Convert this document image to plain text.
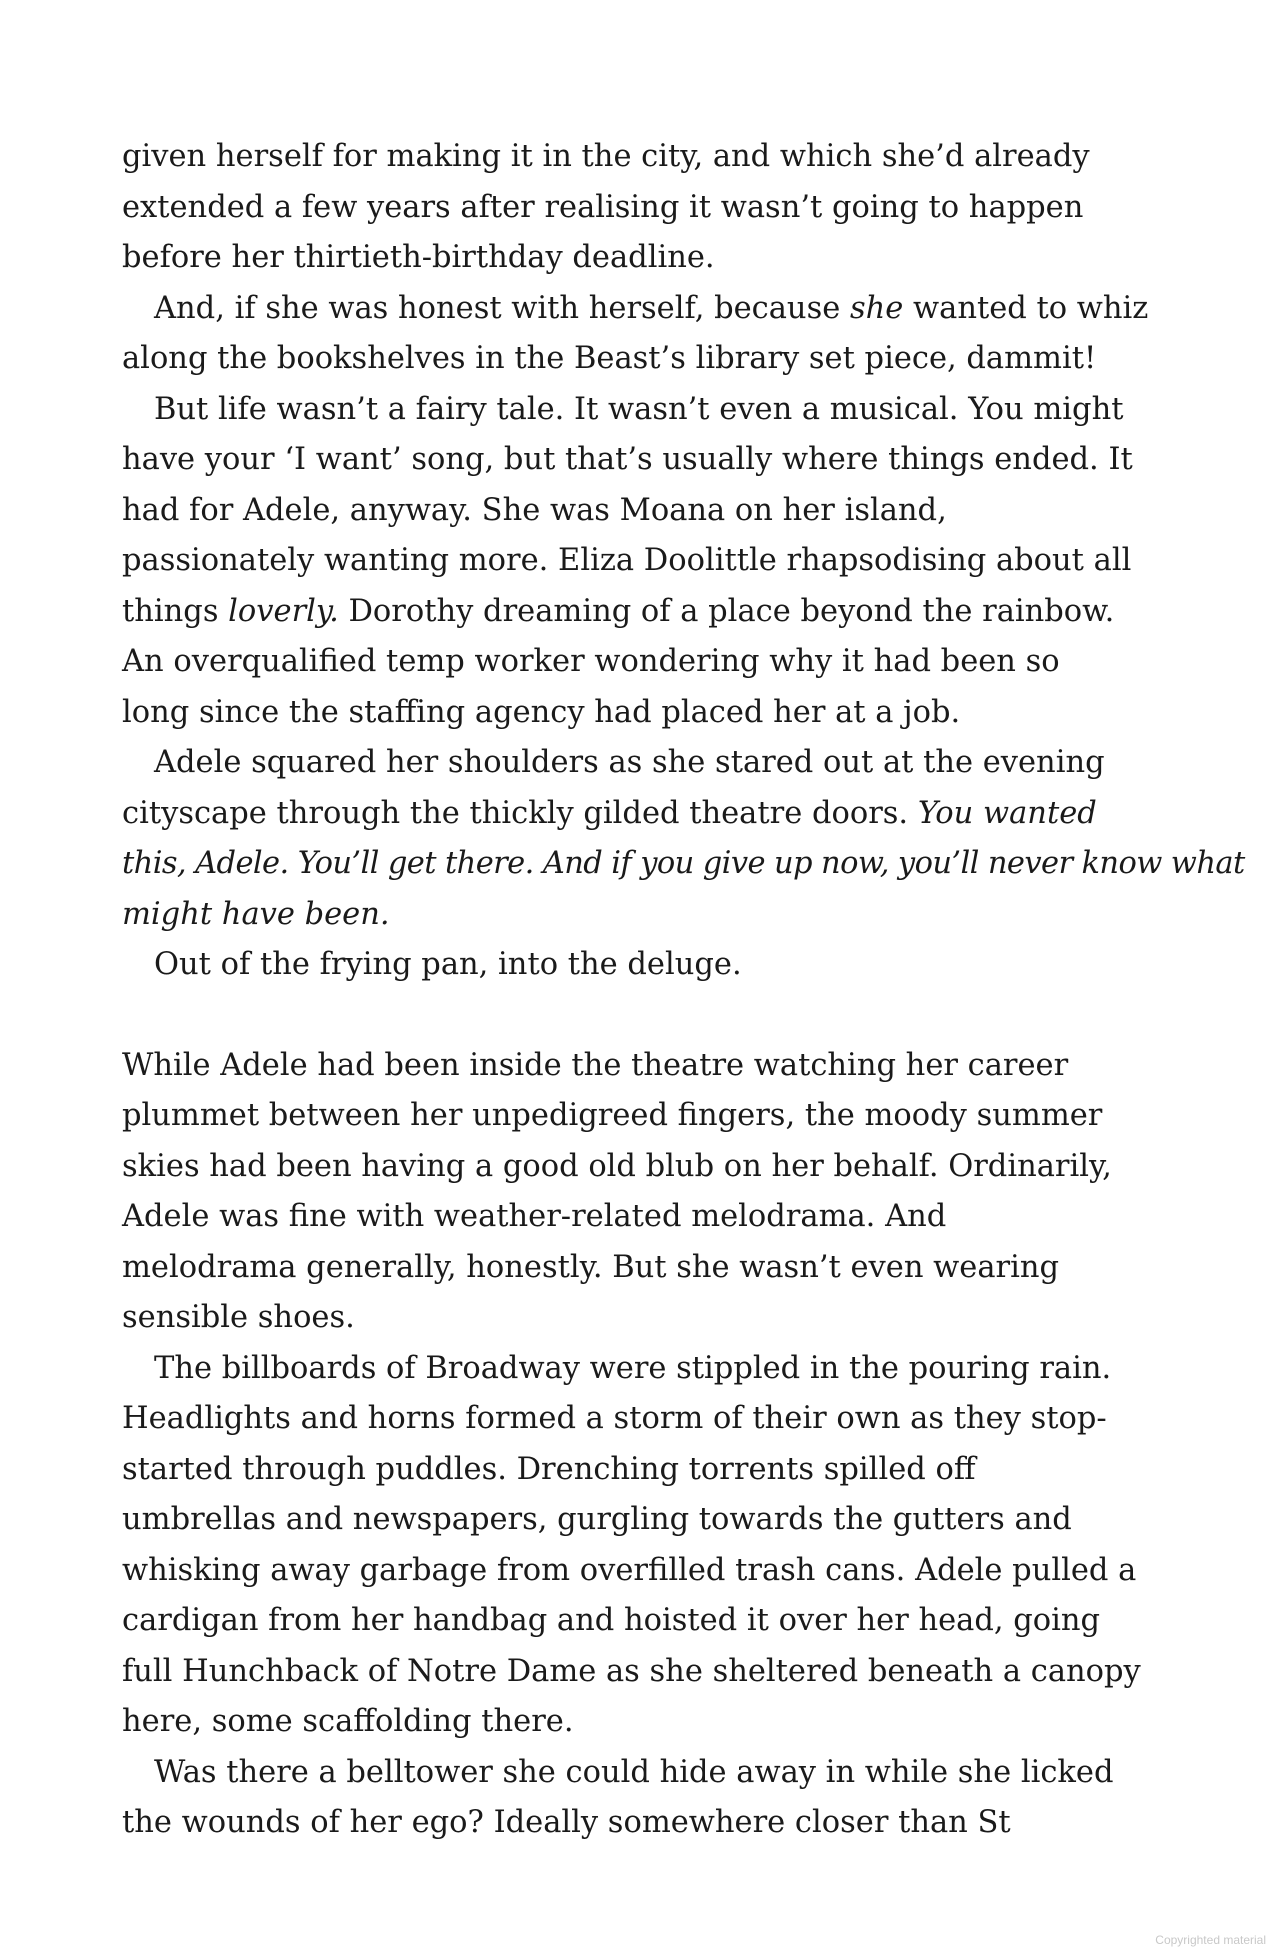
given herself for making it in the city, and which she’d already
extended a few years after realising it wasn’t going to happen
before her thirtieth-birthday deadline.
And, if she was honest with herself, because she wanted to whiz
along the bookshelves in the Beast’s library set piece, dammit!
But life wasn’t a fairy tale. It wasn’t even a musical. You might
have your ‘I want’ song, but that’s usually where things ended. It
had for Adele, anyway. She was Moana on her island,
passionately wanting more. Eliza Doolittle rhapsodising about all
things loverly. Dorothy dreaming of a place beyond the rainbow.
An overqualified temp worker wondering why it had been so
long since the staffing agency had placed her at a job.
Adele squared her shoulders as she stared out at the evening
cityscape through the thickly gilded theatre doors. You wanted
this, Adele. You’ll get there. And if you give up now, you’ll never know what
might have been.
Out of the frying pan, into the deluge.
While Adele had been inside the theatre watching her career
plummet between her unpedigreed fingers, the moody summer
skies had been having a good old blub on her behalf. Ordinarily,
Adele was fine with weather-related melodrama. And
melodrama generally, honestly. But she wasn’t even wearing
sensible shoes.
The billboards of Broadway were stippled in the pouring rain.
Headlights and horns formed a storm of their own as they stop-
started through puddles. Drenching torrents spilled off
umbrellas and newspapers, gurgling towards the gutters and
whisking away garbage from overfilled trash cans. Adele pulled a
cardigan from her handbag and hoisted it over her head, going
full Hunchback of Notre Dame as she sheltered beneath a canopy
here, some scaffolding there.
Was there a belltower she could hide away in while she licked
the wounds of her ego? Ideally somewhere closer than St
Copyrighted material
